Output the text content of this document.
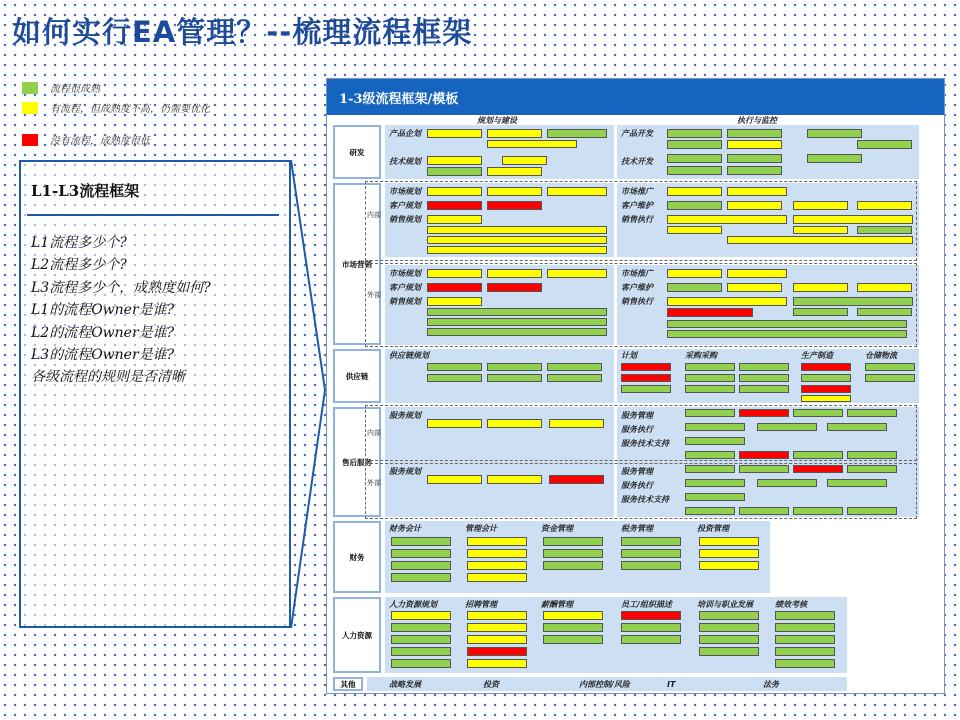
如何实行EA管理？--梳理流程框架
流程很成熟
有流程，但成熟度不高，仍需要优化
没有流程，成熟度很低
L1-L3流程框架
L1流程多少个?
L2流程多少个?
L3流程多少个，成熟度如何?
L1的流程Owner是谁?
L2的流程Owner是谁?
L3的流程Owner是谁?
各级流程的规则是否清晰
1-3级流程框架/模板
规划与建设	执行与监控
研发
市场营销
供应链
售后服务
财务
人力资源
其他
内部
外部
内部
外部
产品企划
技术规划
产品开发
技术开发
市场规划
客户规划
销售规划
市场推广
客户维护
销售执行
市场规划
客户规划
销售规划
市场推广
客户维护
销售执行
供应链规划	计划	采购采购	生产制造	仓储物流
服务规划	服务管理
服务执行
服务技术支持
服务规划	服务管理
服务执行
服务技术支持
财务会计	管理会计	资金管理	税务管理	投资管理
人力资源规划	招聘管理	薪酬管理	员工/组织描述	培训与职业发展	绩效考核
战略发展	投资	内部控制/风险	IT	法务
